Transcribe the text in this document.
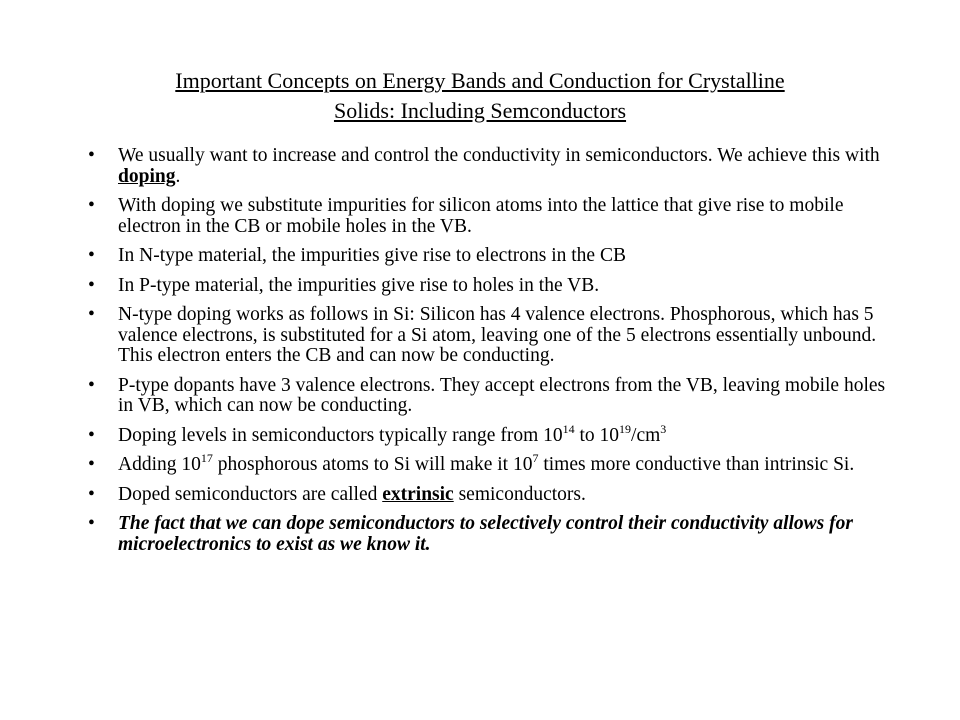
Important Concepts on Energy Bands and Conduction for Crystalline
Solids: Including Semconductors
• We usually want to increase and control the conductivity in semiconductors. We achieve this with doping.
• With doping we substitute impurities for silicon atoms into the lattice that give rise to mobile electron in the CB or mobile holes in the VB.
• In N-type material, the impurities give rise to electrons in the CB
• In P-type material, the impurities give rise to holes in the VB.
• N-type doping works as follows in Si: Silicon has 4 valence electrons. Phosphorous, which has 5 valence electrons, is substituted for a Si atom, leaving one of the 5 electrons essentially unbound. This electron enters the CB and can now be conducting.
• P-type dopants have 3 valence electrons. They accept electrons from the VB, leaving mobile holes in VB, which can now be conducting.
• Doping levels in semiconductors typically range from $10^{14}$ to $10^{19}/cm^3$
• Adding $10^{17}$ phosphorous atoms to Si will make it $10^7$ times more conductive than intrinsic Si.
• Doped semiconductors are called extrinsic semiconductors.
• The fact that we can dope semiconductors to selectively control their conductivity allows for microelectronics to exist as we know it.
